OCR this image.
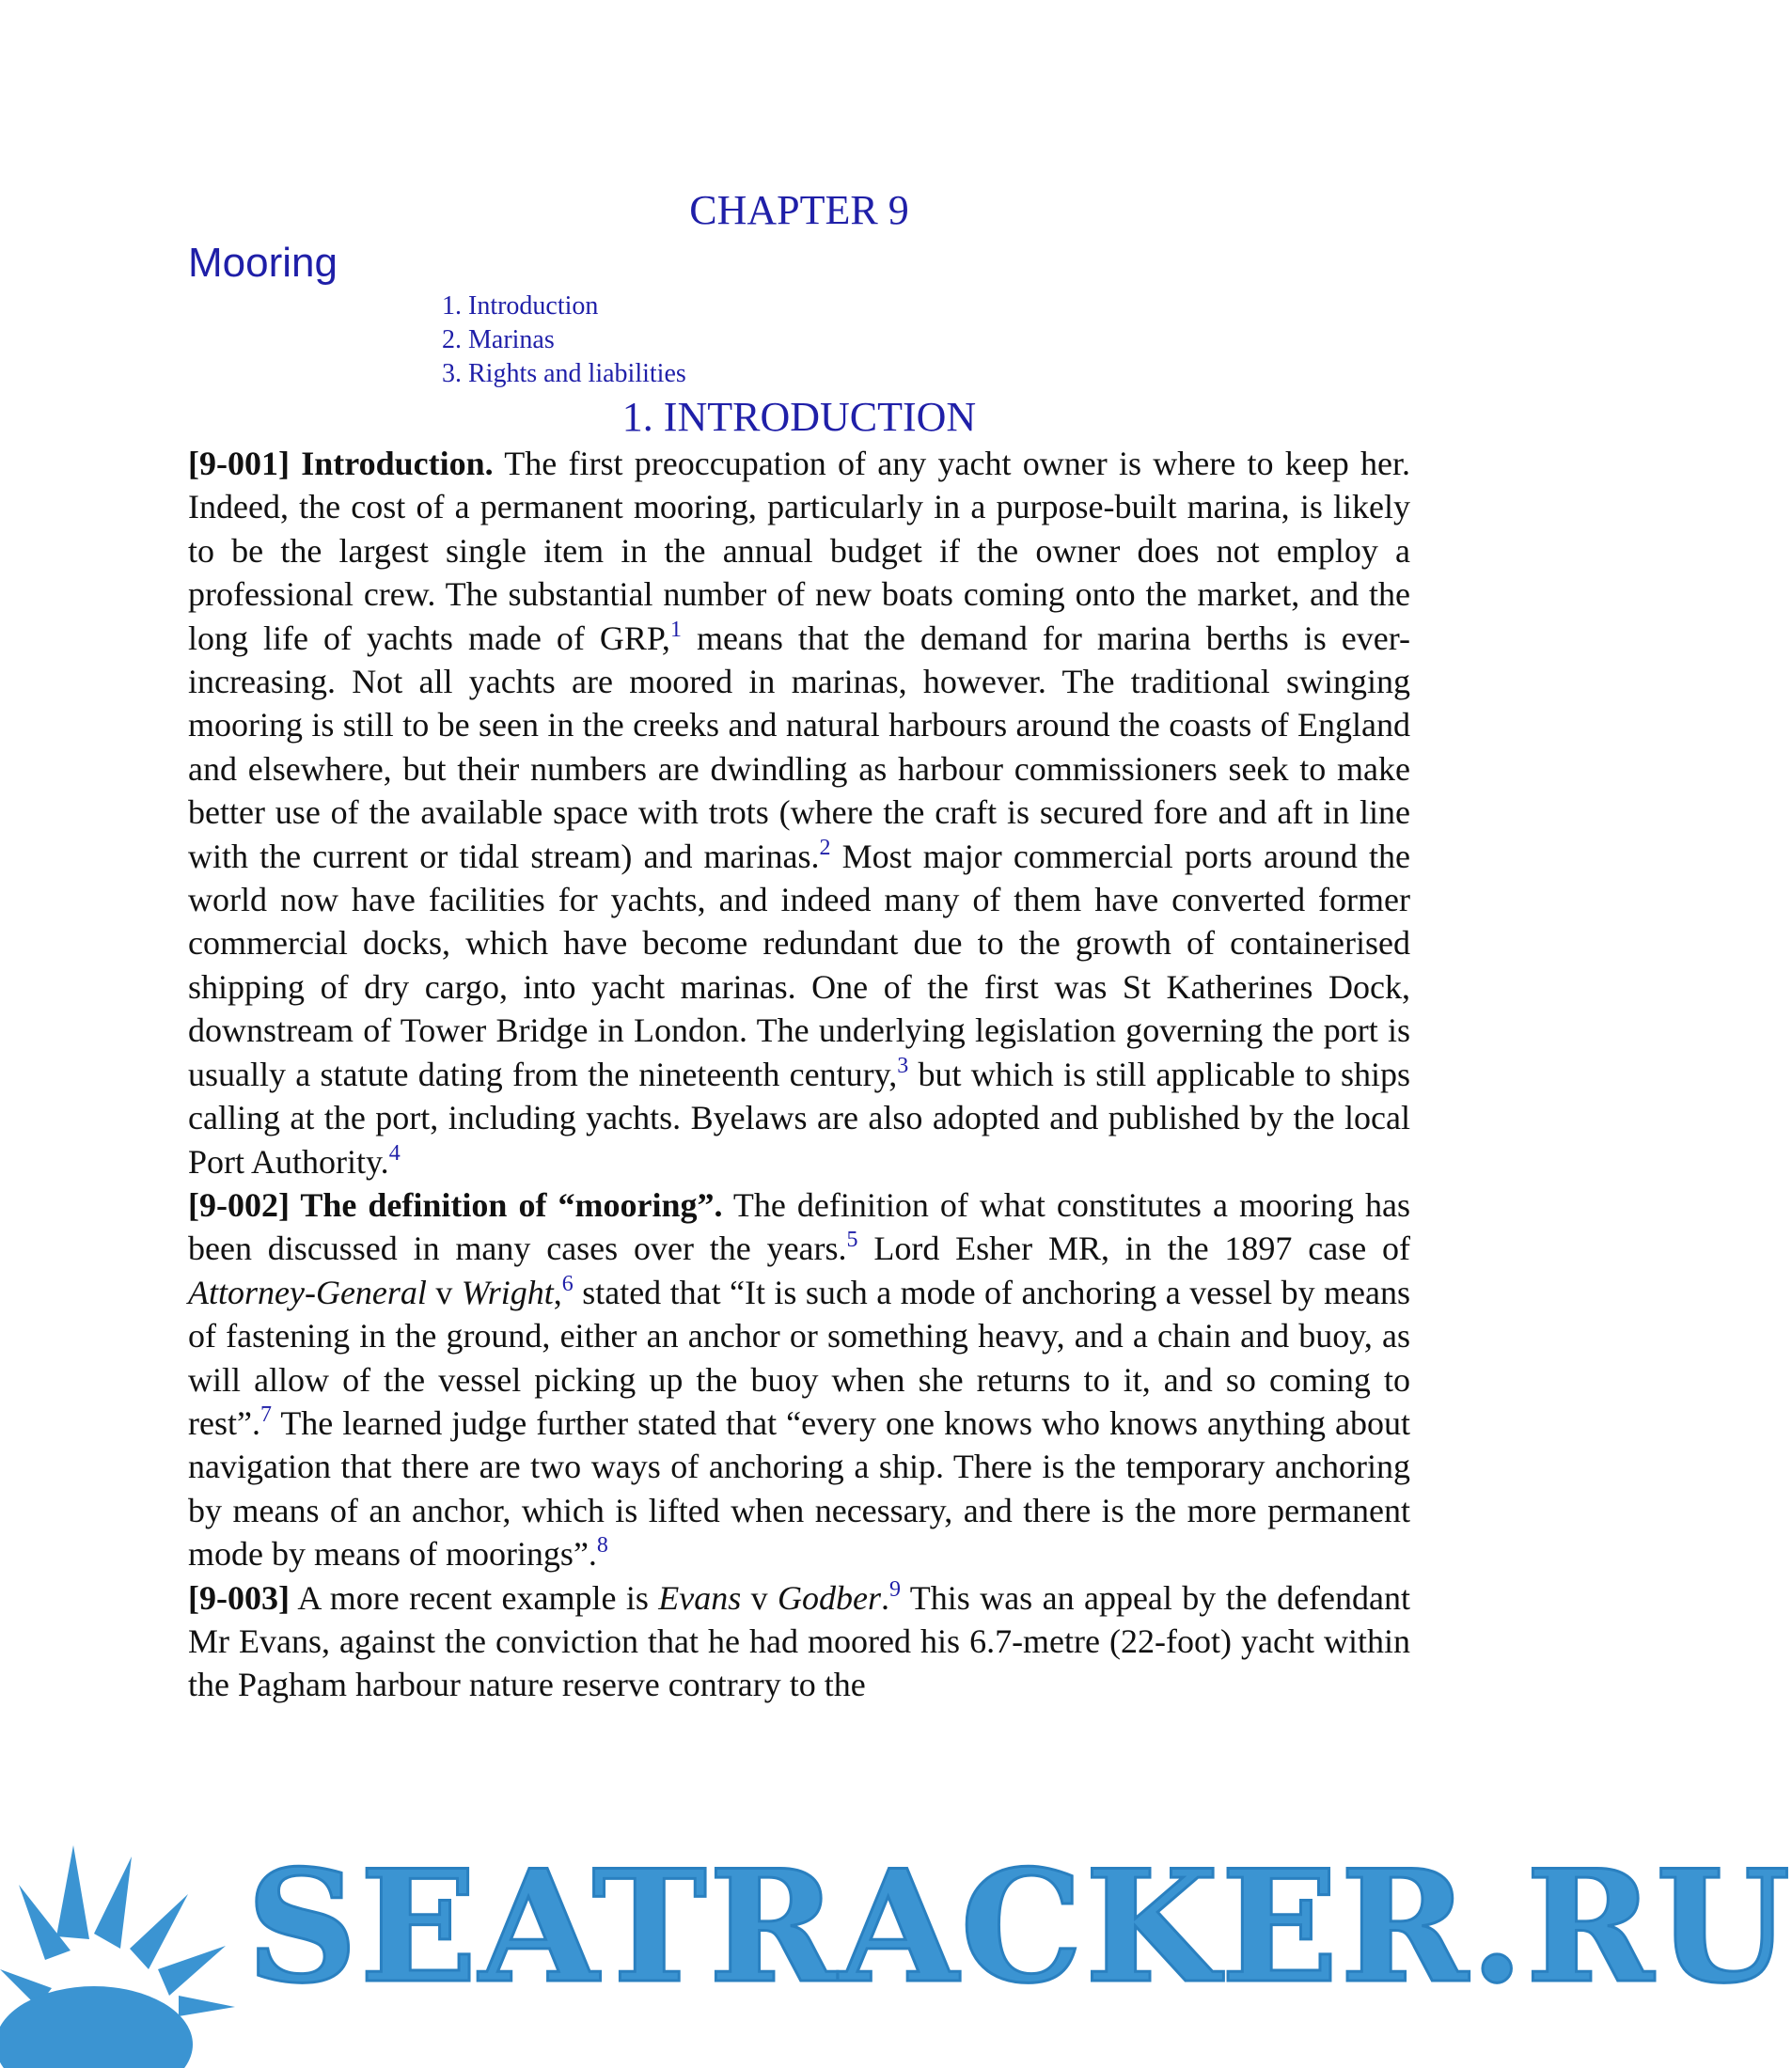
CHAPTER 9
Mooring
1. Introduction
2. Marinas
3. Rights and liabilities
1. INTRODUCTION

[9-001] Introduction. The first preoccupation of any yacht owner is where to keep her. Indeed, the cost of a permanent mooring, particularly in a purpose-built marina, is likely to be the largest single item in the annual budget if the owner does not employ a professional crew. The substantial number of new boats coming onto the market, and the long life of yachts made of GRP,$^1$ means that the demand for marina berths is ever-increasing. Not all yachts are moored in marinas, however. The traditional swinging mooring is still to be seen in the creeks and natural harbours around the coasts of England and elsewhere, but their numbers are dwindling as harbour commissioners seek to make better use of the available space with trots (where the craft is secured fore and aft in line with the current or tidal stream) and marinas.$^2$ Most major commercial ports around the world now have facilities for yachts, and indeed many of them have converted former commercial docks, which have become redundant due to the growth of containerised shipping of dry cargo, into yacht marinas. One of the first was St Katherines Dock, downstream of Tower Bridge in London. The underlying legislation governing the port is usually a statute dating from the nineteenth century,$^3$ but which is still applicable to ships calling at the port, including yachts. Byelaws are also adopted and published by the local Port Authority.$^4$

[9-002] The definition of “mooring”. The definition of what constitutes a mooring has been discussed in many cases over the years.$^5$ Lord Esher MR, in the 1897 case of Attorney-General v Wright,$^6$ stated that “It is such a mode of anchoring a vessel by means of fastening in the ground, either an anchor or something heavy, and a chain and buoy, as will allow of the vessel picking up the buoy when she returns to it, and so coming to rest”.$^7$ The learned judge further stated that “every one knows who knows anything about navigation that there are two ways of anchoring a ship. There is the temporary anchoring by means of an anchor, which is lifted when necessary, and there is the more permanent mode by means of moorings”.$^8$

[9-003] A more recent example is Evans v Godber.$^9$ This was an appeal by the defendant Mr Evans, against the conviction that he had moored his 6.7-metre (22-foot) yacht within the Pagham harbour nature reserve contrary to the

SEATRACKER.RU
